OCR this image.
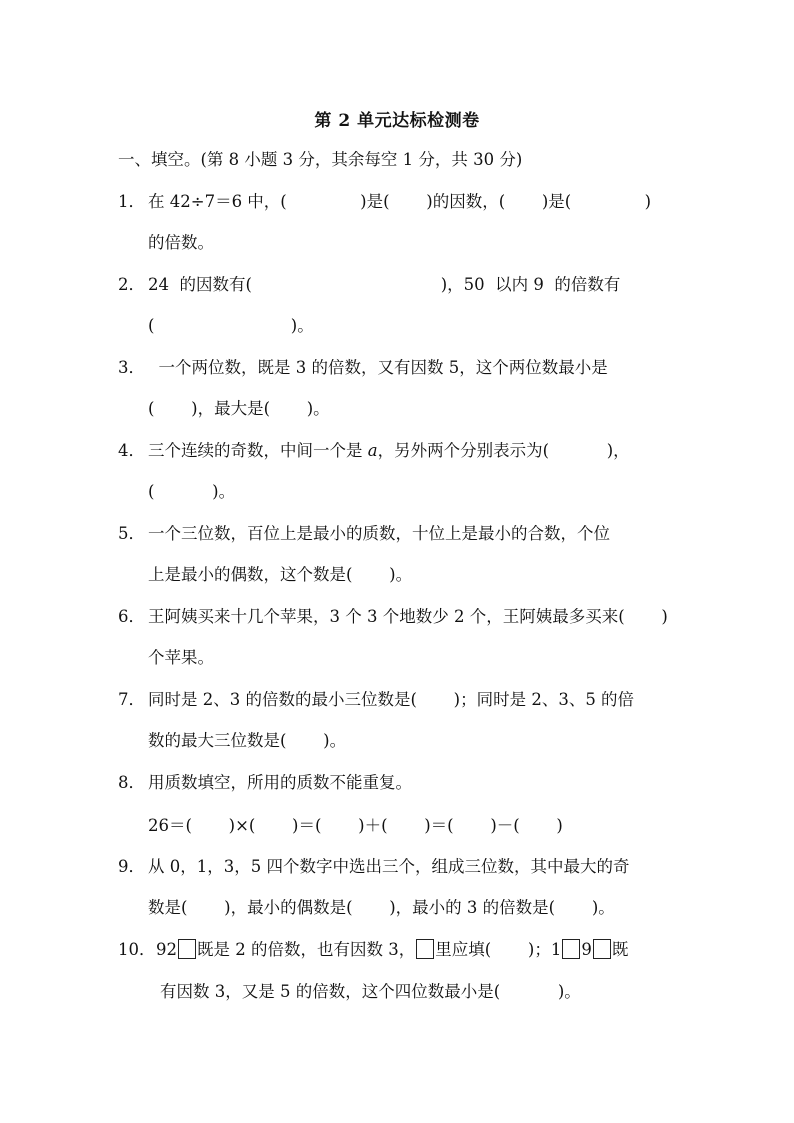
第 2 单元达标检测卷
一、填空。(第 8 小题 3 分，其余每空 1 分，共 30 分)
1． 在 42÷7＝6 中，(              )是(       )的因数，(       )是(              )
的倍数。
2． 24  的因数有(                                    )，50  以内 9  的倍数有
(                          )。
3．  一个两位数，既是 3 的倍数，又有因数 5，这个两位数最小是
(       )，最大是(       )。
4． 三个连续的奇数，中间一个是 a，另外两个分别表示为(           )，
(           )。
5． 一个三位数，百位上是最小的质数，十位上是最小的合数，个位
上是最小的偶数，这个数是(       )。
6． 王阿姨买来十几个苹果，3 个 3 个地数少 2 个，王阿姨最多买来(       )
个苹果。
7． 同时是 2、3 的倍数的最小三位数是(       )；同时是 2、3、5 的倍
数的最大三位数是(       )。
8． 用质数填空，所用的质数不能重复。
26＝(       )×(       )＝(       )＋(       )＝(       )－(       )
9． 从 0，1，3，5 四个数字中选出三个，组成三位数，其中最大的奇
数是(       )，最小的偶数是(       )，最小的 3 的倍数是(       )。
10．92 既是 2 的倍数，也有因数 3， 里应填(       )；1 9 既
有因数 3，又是 5 的倍数，这个四位数最小是(           )。
